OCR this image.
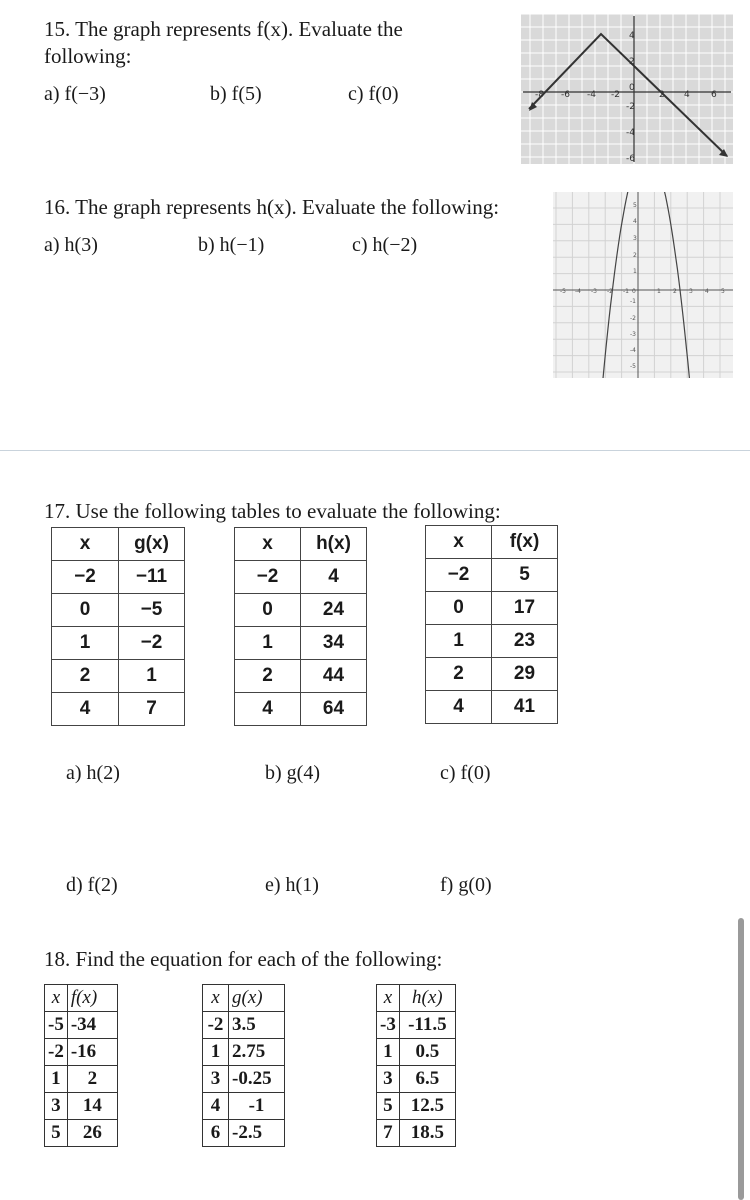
15. The graph represents f(x). Evaluate the
following:
a) f(−3)	b) f(5)	c) f(0)	-8 -6 -4 -2
0
2 4 6
4
2
-2
-4
-6
16. The graph represents h(x). Evaluate the following:
a) h(3)	b) h(−1)	c) h(−2)
-5 -4 -3 -2 -1 0	1 2 3 4 5
5
4
3
2
1
-1
-2
-3
-4
-5
17. Use the following tables to evaluate the following:
x	g(x)
−2	−11
0	−5
1	−2
2	1
4	7
x	h(x)
−2	4
0	24
1	34
2	44
4	64
x	f(x)
−2	5
0	17
1	23
2	29
4	41
a) h(2)	b) g(4)	c) f(0)
d) f(2)	e) h(1)	f) g(0)
18. Find the equation for each of the following:
x	f(x)
-5	-34
-2	-16
1	2
3	14
5	26
x	g(x)
-2	3.5
1	2.75
3	-0.25
4	-1
6	-2.5
x	h(x)
-3	-11.5
1	0.5
3	6.5
5	12.5
7	18.5
